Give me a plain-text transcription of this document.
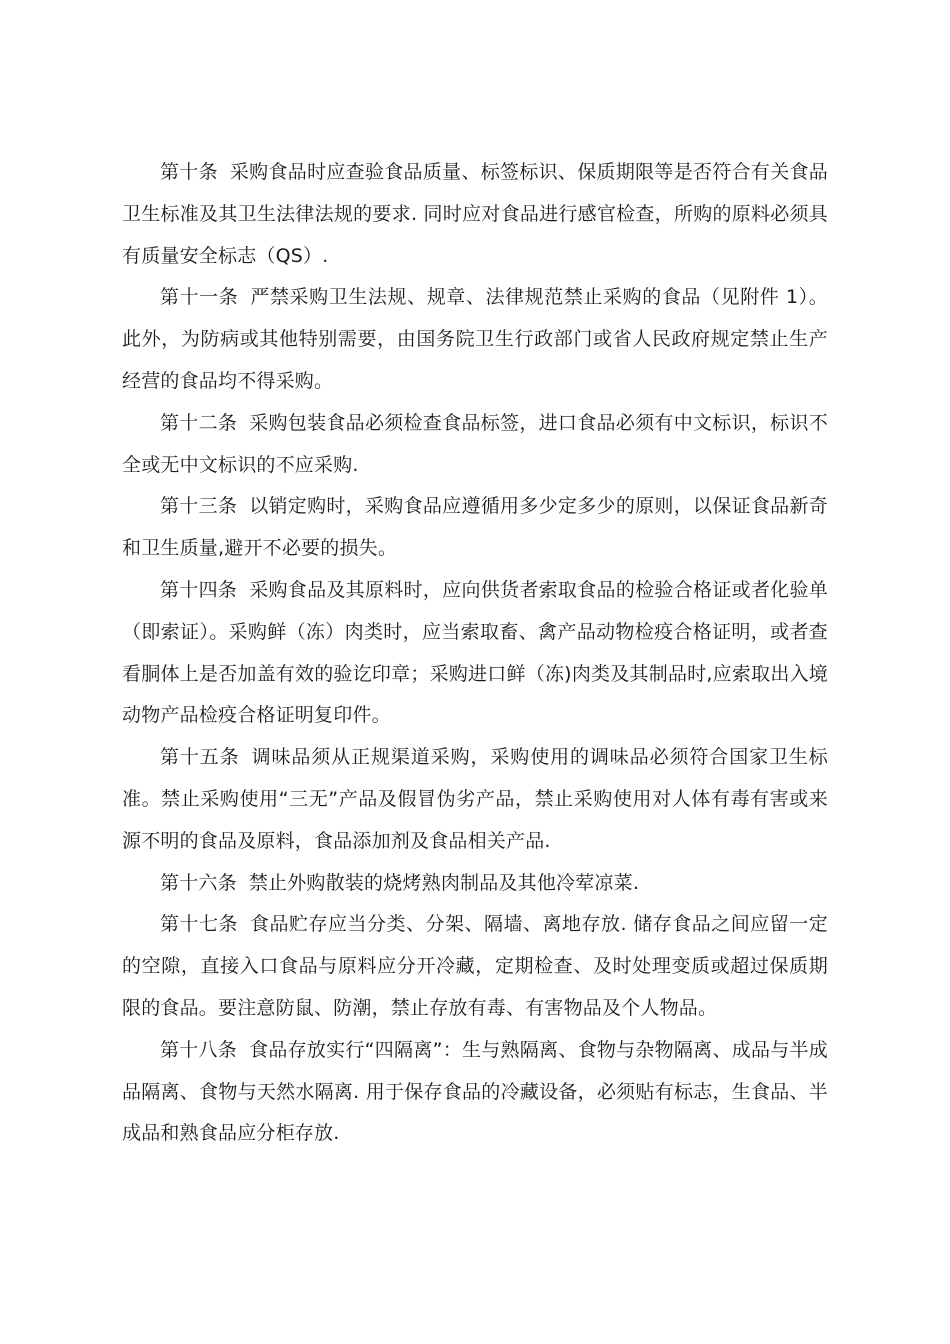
第十条 采购食品时应查验食品质量、标签标识、保质期限等是否符合有关食品卫生标准及其卫生法律法规的要求. 同时应对食品进行感官检查，所购的原料必须具有质量安全标志（QS）.

第十一条 严禁采购卫生法规、规章、法律规范禁止采购的食品（见附件 1）。此外，为防病或其他特别需要，由国务院卫生行政部门或省人民政府规定禁止生产经营的食品均不得采购。

第十二条 采购包装食品必须检查食品标签，进口食品必须有中文标识，标识不全或无中文标识的不应采购.

第十三条 以销定购时，采购食品应遵循用多少定多少的原则，以保证食品新奇和卫生质量,避开不必要的损失。

第十四条 采购食品及其原料时，应向供货者索取食品的检验合格证或者化验单（即索证）。采购鲜（冻）肉类时，应当索取畜、禽产品动物检疫合格证明，或者查看胴体上是否加盖有效的验讫印章；采购进口鲜（冻)肉类及其制品时,应索取出入境动物产品检疫合格证明复印件。

第十五条 调味品须从正规渠道采购，采购使用的调味品必须符合国家卫生标准。禁止采购使用“三无”产品及假冒伪劣产品，禁止采购使用对人体有毒有害或来源不明的食品及原料，食品添加剂及食品相关产品.

第十六条 禁止外购散装的烧烤熟肉制品及其他冷荤凉菜.

第十七条 食品贮存应当分类、分架、隔墙、离地存放. 储存食品之间应留一定的空隙，直接入口食品与原料应分开冷藏，定期检查、及时处理变质或超过保质期限的食品。要注意防鼠、防潮，禁止存放有毒、有害物品及个人物品。

第十八条 食品存放实行“四隔离”：生与熟隔离、食物与杂物隔离、成品与半成品隔离、食物与天然水隔离. 用于保存食品的冷藏设备，必须贴有标志，生食品、半成品和熟食品应分柜存放.
